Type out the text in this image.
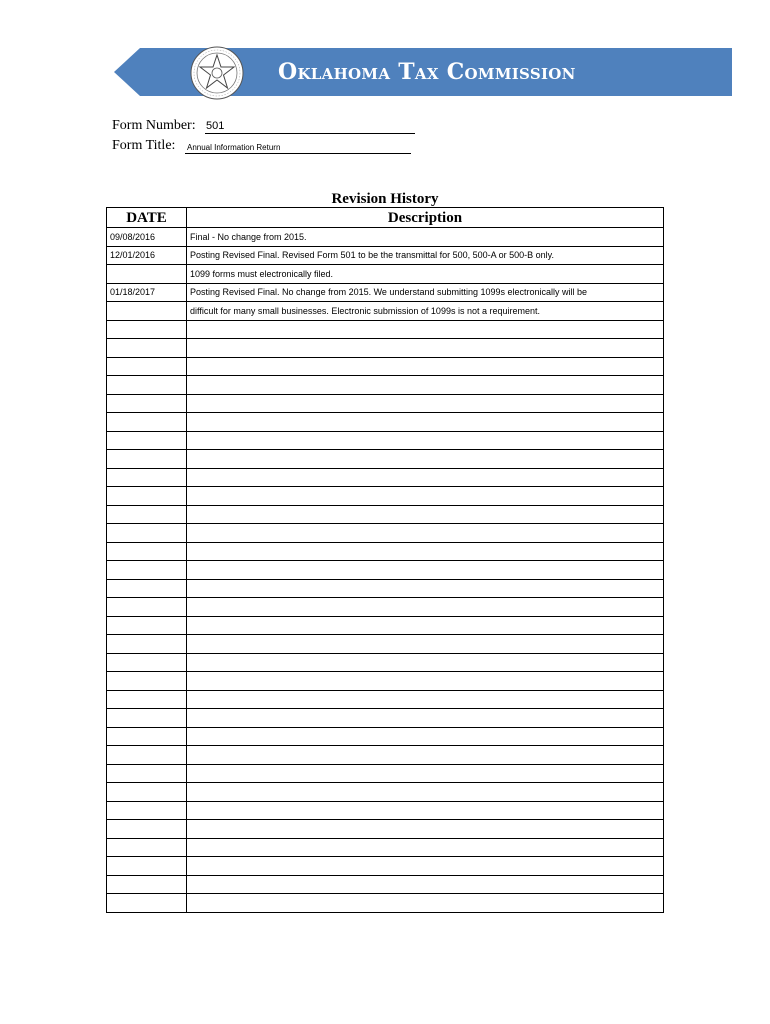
Oklahoma Tax Commission
Form Number: 501
Form Title: Annual Information Return
Revision History
DATE	Description
09/08/2016	Final - No change from 2015.
12/01/2016	Posting Revised Final. Revised Form 501 to be the transmittal for 500, 500-A or 500-B only.
	1099 forms must electronically filed.
01/18/2017	Posting Revised Final. No change from 2015. We understand submitting 1099s electronically will be
	difficult for many small businesses. Electronic submission of 1099s is not a requirement.
